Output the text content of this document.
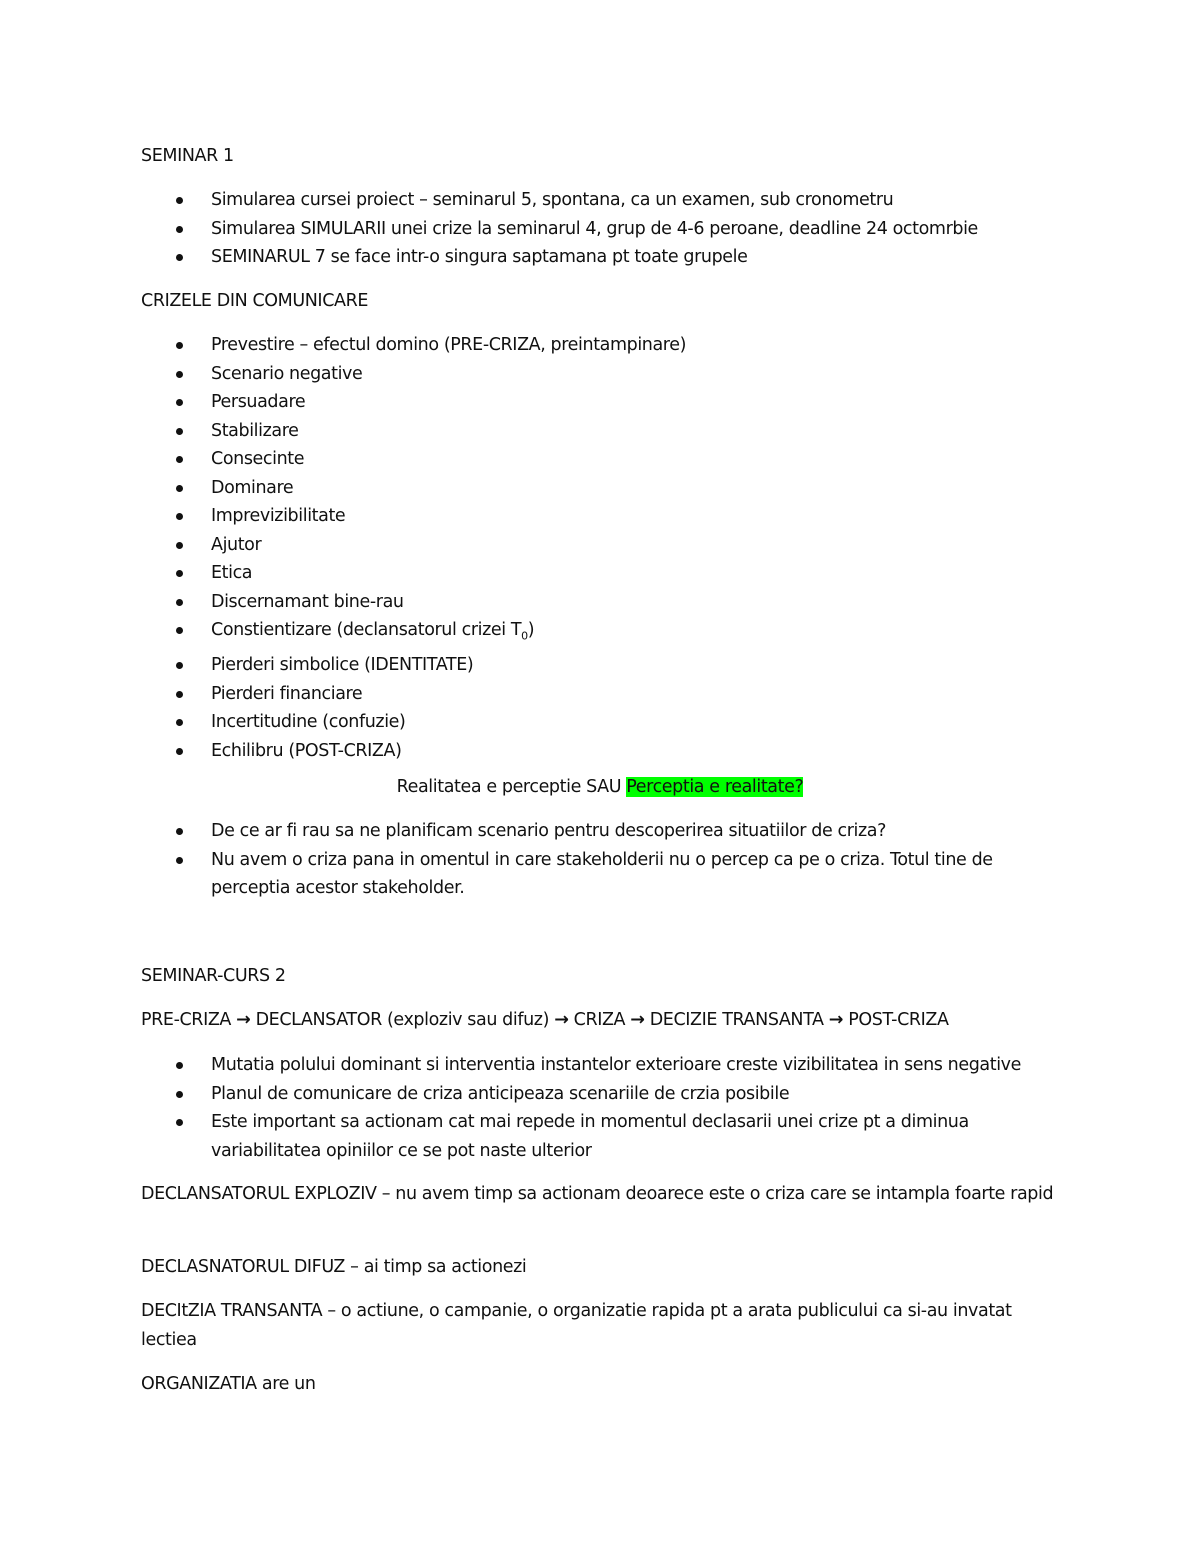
SEMINAR 1

Simularea cursei proiect – seminarul 5, spontana, ca un examen, sub cronometru
Simularea SIMULARII unei crize la seminarul 4, grup de 4-6 peroane, deadline 24 octomrbie
SEMINARUL 7 se face intr-o singura saptamana pt toate grupele

CRIZELE DIN COMUNICARE

Prevestire – efectul domino (PRE-CRIZA, preintampinare)
Scenario negative
Persuadare
Stabilizare
Consecinte
Dominare
Imprevizibilitate
Ajutor
Etica
Discernamant bine-rau
Constientizare (declansatorul crizei $T_0$)
Pierderi simbolice (IDENTITATE)
Pierderi financiare
Incertitudine (confuzie)
Echilibru (POST-CRIZA)
Realitatea e perceptie SAU Perceptia e realitate?
De ce ar fi rau sa ne planificam scenario pentru descoperirea situatiilor de criza?
Nu avem o criza pana in omentul in care stakeholderii nu o percep ca pe o criza. Totul tine de perceptia acestor stakeholder.

SEMINAR-CURS 2

PRE-CRIZA → DECLANSATOR (exploziv sau difuz) → CRIZA → DECIZIE TRANSANTA → POST-CRIZA

Mutatia polului dominant si interventia instantelor exterioare creste vizibilitatea in sens negative
Planul de comunicare de criza anticipeaza scenariile de crzia posibile
Este important sa actionam cat mai repede in momentul declasarii unei crize pt a diminua variabilitatea opiniilor ce se pot naste ulterior

DECLANSATORUL EXPLOZIV – nu avem timp sa actionam deoarece este o criza care se intampla foarte rapid

DECLASNATORUL DIFUZ – ai timp sa actionezi

DECItZIA TRANSANTA – o actiune, o campanie, o organizatie rapida pt a arata publicului ca si-au invatat lectiea

ORGANIZATIA are un
